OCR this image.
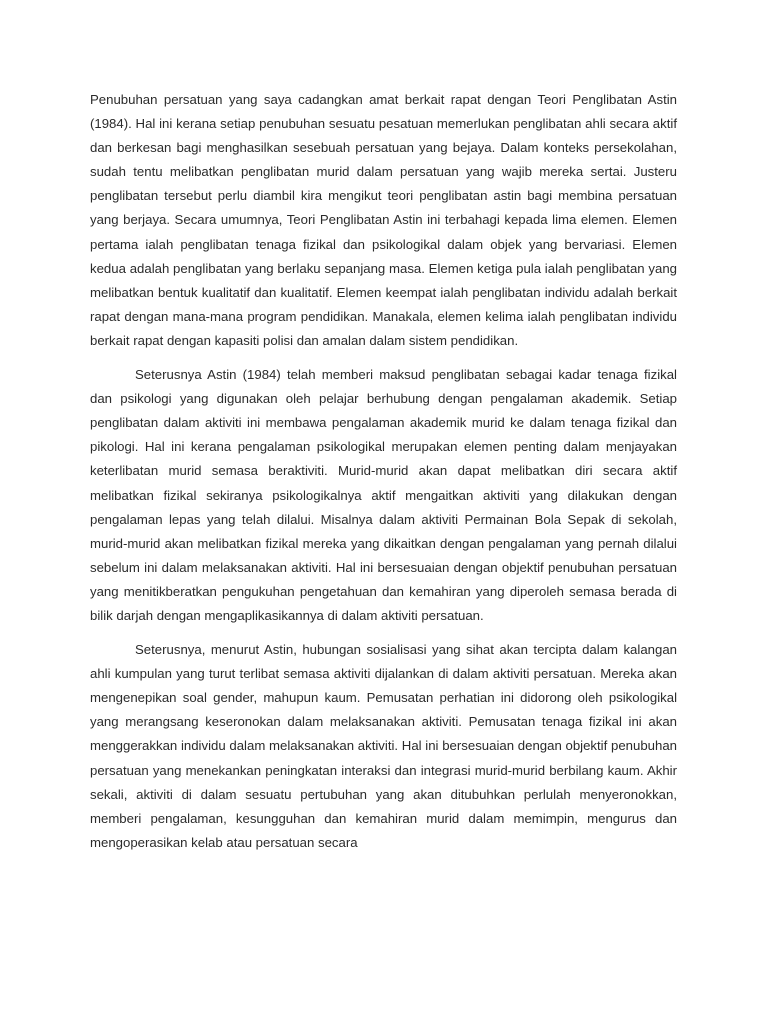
Penubuhan persatuan yang saya cadangkan amat berkait rapat dengan Teori Penglibatan Astin (1984). Hal ini kerana setiap penubuhan sesuatu pesatuan memerlukan penglibatan ahli secara aktif dan berkesan bagi menghasilkan sesebuah persatuan yang bejaya. Dalam konteks persekolahan, sudah tentu melibatkan penglibatan murid dalam persatuan yang wajib mereka sertai. Justeru penglibatan tersebut perlu diambil kira mengikut teori penglibatan astin bagi membina persatuan yang berjaya. Secara umumnya, Teori Penglibatan Astin ini terbahagi kepada lima elemen. Elemen pertama ialah penglibatan tenaga fizikal dan psikologikal dalam objek yang bervariasi. Elemen kedua adalah penglibatan yang berlaku sepanjang masa. Elemen ketiga pula ialah penglibatan yang melibatkan bentuk kualitatif dan kualitatif. Elemen keempat ialah penglibatan individu adalah berkait rapat dengan mana-mana program pendidikan. Manakala, elemen kelima ialah penglibatan individu berkait rapat dengan kapasiti polisi dan amalan dalam sistem pendidikan.

Seterusnya Astin (1984) telah memberi maksud penglibatan sebagai kadar tenaga fizikal dan psikologi yang digunakan oleh pelajar berhubung dengan pengalaman akademik. Setiap penglibatan dalam aktiviti ini membawa pengalaman akademik murid ke dalam tenaga fizikal dan pikologi. Hal ini kerana pengalaman psikologikal merupakan elemen penting dalam menjayakan keterlibatan murid semasa beraktiviti. Murid-murid akan dapat melibatkan diri secara aktif melibatkan fizikal sekiranya psikologikalnya aktif mengaitkan aktiviti yang dilakukan dengan pengalaman lepas yang telah dilalui. Misalnya dalam aktiviti Permainan Bola Sepak di sekolah, murid-murid akan melibatkan fizikal mereka yang dikaitkan dengan pengalaman yang pernah dilalui sebelum ini dalam melaksanakan aktiviti. Hal ini bersesuaian dengan objektif penubuhan persatuan yang menitikberatkan pengukuhan pengetahuan dan kemahiran yang diperoleh semasa berada di bilik darjah dengan mengaplikasikannya di dalam aktiviti persatuan.

Seterusnya, menurut Astin, hubungan sosialisasi yang sihat akan tercipta dalam kalangan ahli kumpulan yang turut terlibat semasa aktiviti dijalankan di dalam aktiviti persatuan. Mereka akan mengenepikan soal gender, mahupun kaum. Pemusatan perhatian ini didorong oleh psikologikal yang merangsang keseronokan dalam melaksanakan aktiviti. Pemusatan tenaga fizikal ini akan menggerakkan individu dalam melaksanakan aktiviti. Hal ini bersesuaian dengan objektif penubuhan persatuan yang menekankan peningkatan interaksi dan integrasi murid-murid berbilang kaum. Akhir sekali, aktiviti di dalam sesuatu pertubuhan yang akan ditubuhkan perlulah menyeronokkan, memberi pengalaman, kesungguhan dan kemahiran murid dalam memimpin, mengurus dan mengoperasikan kelab atau persatuan secara
